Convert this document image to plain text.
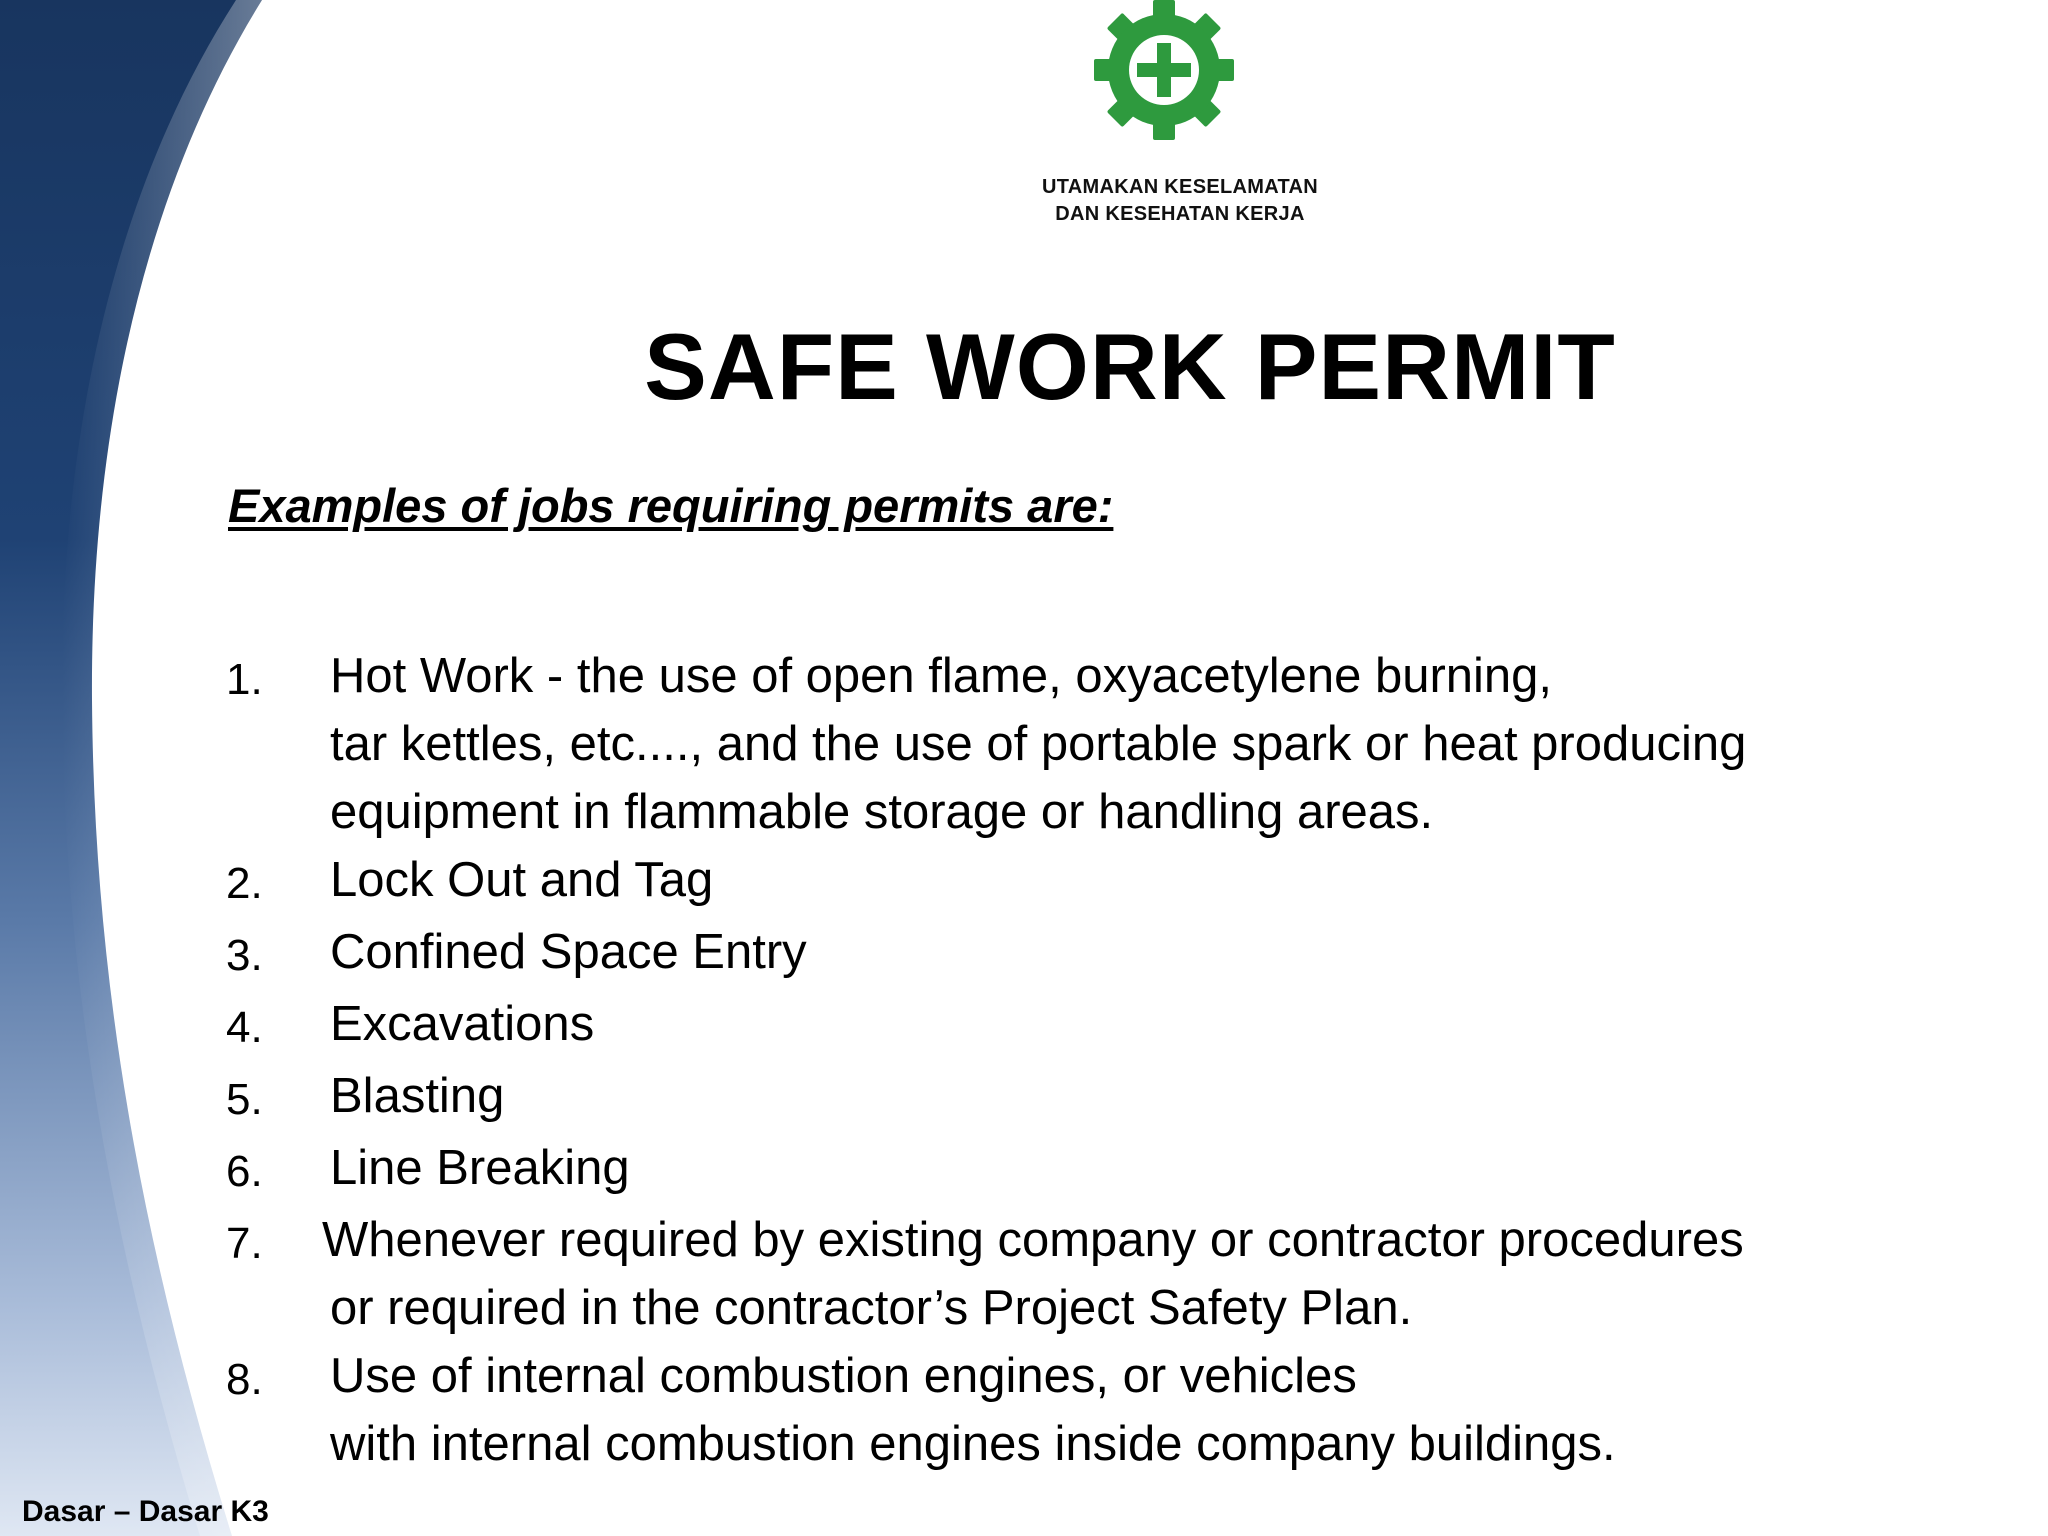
UTAMAKAN KESELAMATAN
DAN KESEHATAN KERJA
SAFE WORK PERMIT
Examples of jobs requiring permits are:
1.	Hot Work - the use of open flame, oxyacetylene burning,
tar kettles, etc...., and the use of portable spark or heat producing
equipment in flammable storage or handling areas.
2.	Lock Out and Tag
3.	Confined Space Entry
4.	Excavations
5.	Blasting
6.	Line Breaking
7.	Whenever required by existing company or contractor procedures
or required in the contractor’s Project Safety Plan.
8.	Use of internal combustion engines, or vehicles
with internal combustion engines inside company buildings.
Dasar – Dasar K3
